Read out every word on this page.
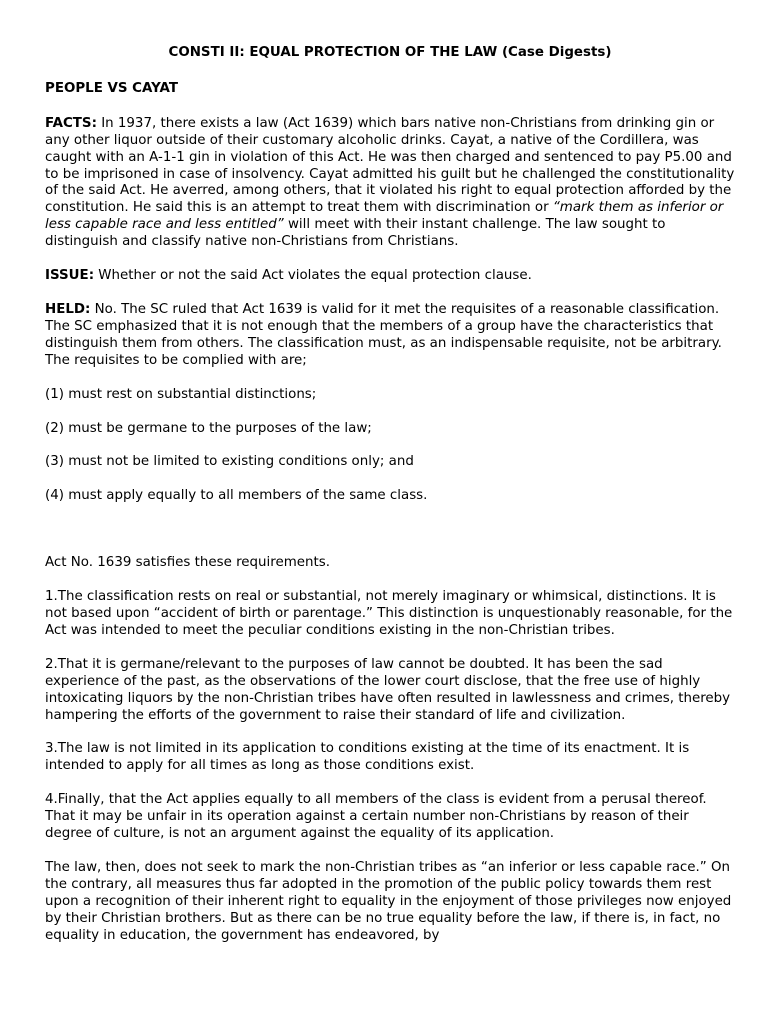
CONSTI II: EQUAL PROTECTION OF THE LAW (Case Digests)

PEOPLE VS CAYAT

FACTS: In 1937, there exists a law (Act 1639) which bars native non-Christians from drinking gin or any other liquor outside of their customary alcoholic drinks. Cayat, a native of the Cordillera, was caught with an A-1-1 gin in violation of this Act. He was then charged and sentenced to pay P5.00 and to be imprisoned in case of insolvency. Cayat admitted his guilt but he challenged the constitutionality of the said Act. He averred, among others, that it violated his right to equal protection afforded by the constitution. He said this is an attempt to treat them with discrimination or “mark them as inferior or less capable race and less entitled” will meet with their instant challenge. The law sought to distinguish and classify native non-Christians from Christians.

ISSUE: Whether or not the said Act violates the equal protection clause.

HELD: No. The SC ruled that Act 1639 is valid for it met the requisites of a reasonable classification. The SC emphasized that it is not enough that the members of a group have the characteristics that distinguish them from others. The classification must, as an indispensable requisite, not be arbitrary. The requisites to be complied with are;

(1) must rest on substantial distinctions;

(2) must be germane to the purposes of the law;

(3) must not be limited to existing conditions only; and

(4) must apply equally to all members of the same class.

Act No. 1639 satisfies these requirements.

1.The classification rests on real or substantial, not merely imaginary or whimsical, distinctions. It is not based upon “accident of birth or parentage.” This distinction is unquestionably reasonable, for the Act was intended to meet the peculiar conditions existing in the non-Christian tribes.

2.That it is germane/relevant to the purposes of law cannot be doubted. It has been the sad experience of the past, as the observations of the lower court disclose, that the free use of highly intoxicating liquors by the non-Christian tribes have often resulted in lawlessness and crimes, thereby hampering the efforts of the government to raise their standard of life and civilization.

3.The law is not limited in its application to conditions existing at the time of its enactment. It is intended to apply for all times as long as those conditions exist.

4.Finally, that the Act applies equally to all members of the class is evident from a perusal thereof. That it may be unfair in its operation against a certain number non-Christians by reason of their degree of culture, is not an argument against the equality of its application.

The law, then, does not seek to mark the non-Christian tribes as “an inferior or less capable race.” On the contrary, all measures thus far adopted in the promotion of the public policy towards them rest upon a recognition of their inherent right to equality in the enjoyment of those privileges now enjoyed by their Christian brothers. But as there can be no true equality before the law, if there is, in fact, no equality in education, the government has endeavored, by
